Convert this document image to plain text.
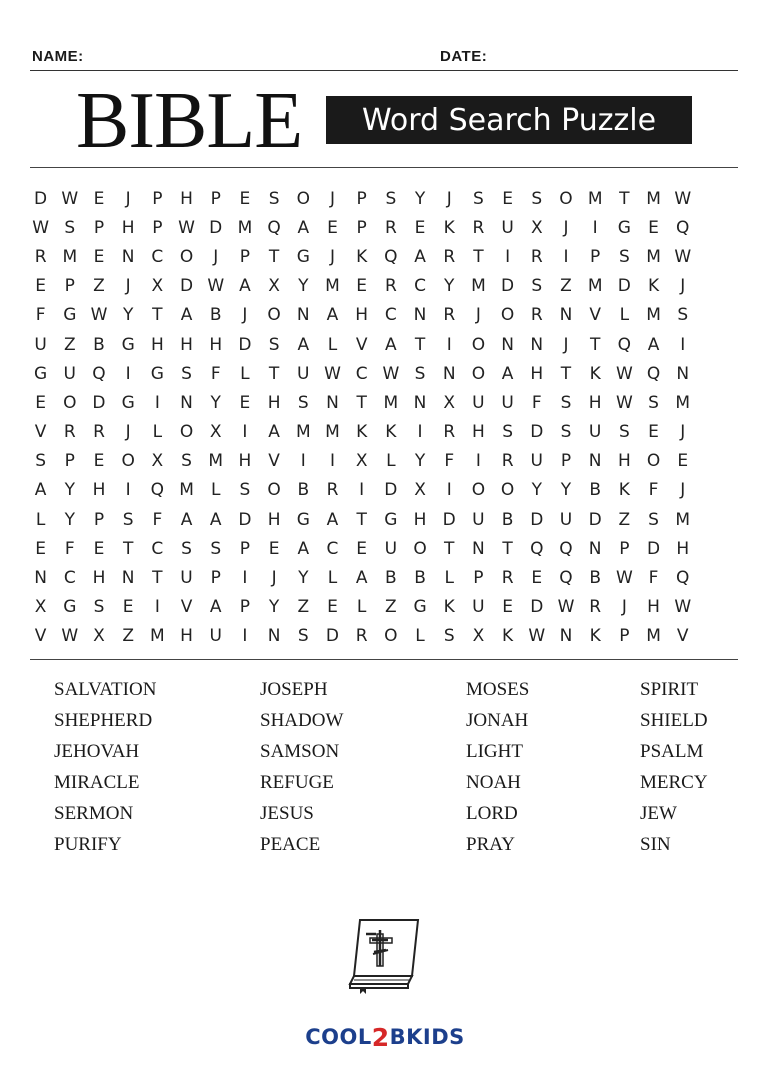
NAME:	DATE:
BIBLE	Word Search Puzzle
D W E	J	P	H	P	E	S	O	J	P	S	Y	J	S	E	S	O M T M W
W S	P	H	P W D M Q A	E	P	R	E	K	R	U	X	J	I	G	E	Q
R M E	N C O	J	P	T	G	J	K Q A	R	T	I	R	I	P	S M W
E	P	Z	J	X D W A	X	Y M E	R	C	Y M D	S	Z M D	K	J
F	G W Y	T	A	B	J	O N	A H C N R	J	O R N	V	L	M S
U	Z	B G H H H D	S	A	L	V	A	T	I	O N N	J	T	Q A	I
G U Q	I	G	S	F	L	T	U W C W S	N O A H	T	K W Q N
E	O D G	I	N	Y	E	H	S	N	T M N	X	U U	F	S	H W S M
V	R	R	J	L	O X	I	A M M K	K	I	R H	S	D	S	U	S	E	J
S	P	E	O X	S M H V	I	I	X	L	Y	F	I	R	U	P	N H O	E
A	Y	H	I	Q M	L	S	O B	R	I	D X	I	O O	Y	Y	B	K	F	J
L	Y	P	S	F	A	A D H G A	T	G H D U	B D U D Z	S M
E	F	E	T	C	S	S	P	E	A	C	E	U O	T	N	T	Q Q N	P	D H
N C H N	T	U	P	I	J	Y	L	A	B	B	L	P	R	E	Q B W F	Q
X G	S	E	I	V	A	P	Y	Z	E	L	Z G	K	U	E	D W R	J	H W
V W X	Z M H U	I	N	S	D R O	L	S	X	K W N	K	P M V
SALVATION
SHEPHERD
JEHOVAH
MIRACLE
SERMON
PURIFY
JOSEPH
SHADOW
SAMSON
REFUGE
JESUS
PEACE
MOSES
JONAH
LIGHT
NOAH
LORD
PRAY
SPIRIT
SHIELD
PSALM
MERCY
JEW
SIN
COOL 2 BKIDS
